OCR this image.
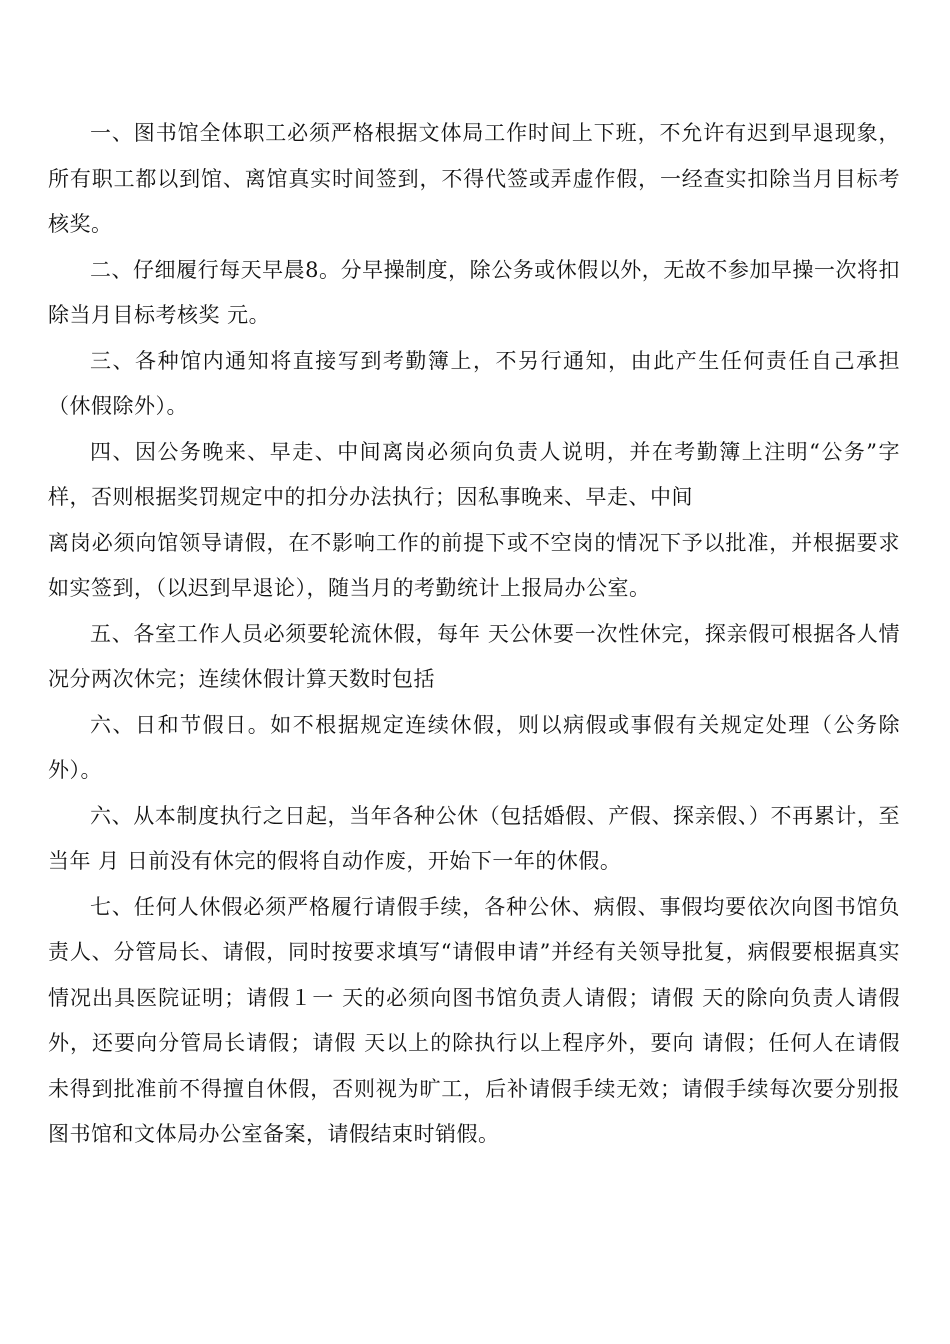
一、图书馆全体职工必须严格根据文体局工作时间上下班，不允许有迟到早退现象，所有职工都以到馆、离馆真实时间签到，不得代签或弄虚作假，一经查实扣除当月目标考核奖。

二、仔细履行每天早晨8。分早操制度，除公务或休假以外，无故不参加早操一次将扣除当月目标考核奖 元。

三、各种馆内通知将直接写到考勤簿上，不另行通知，由此产生任何责任自己承担（休假除外）。

四、因公务晚来、早走、中间离岗必须向负责人说明，并在考勤簿上注明“公务”字样，否则根据奖罚规定中的扣分办法执行；因私事晚来、早走、中间

离岗必须向馆领导请假，在不影响工作的前提下或不空岗的情况下予以批准，并根据要求如实签到，（以迟到早退论），随当月的考勤统计上报局办公室。

五、各室工作人员必须要轮流休假，每年 天公休要一次性休完，探亲假可根据各人情况分两次休完；连续休假计算天数时包括

六、日和节假日。如不根据规定连续休假，则以病假或事假有关规定处理（公务除外）。

六、从本制度执行之日起，当年各种公休（包括婚假、产假、探亲假、）不再累计，至当年 月 日前没有休完的假将自动作废，开始下一年的休假。

七、任何人休假必须严格履行请假手续，各种公休、病假、事假均要依次向图书馆负责人、分管局长、请假，同时按要求填写“请假申请”并经有关领导批复，病假要根据真实情况出具医院证明；请假１一 天的必须向图书馆负责人请假；请假 天的除向负责人请假外，还要向分管局长请假；请假 天以上的除执行以上程序外，要向 请假；任何人在请假未得到批准前不得擅自休假，否则视为旷工，后补请假手续无效；请假手续每次要分别报图书馆和文体局办公室备案，请假结束时销假。
